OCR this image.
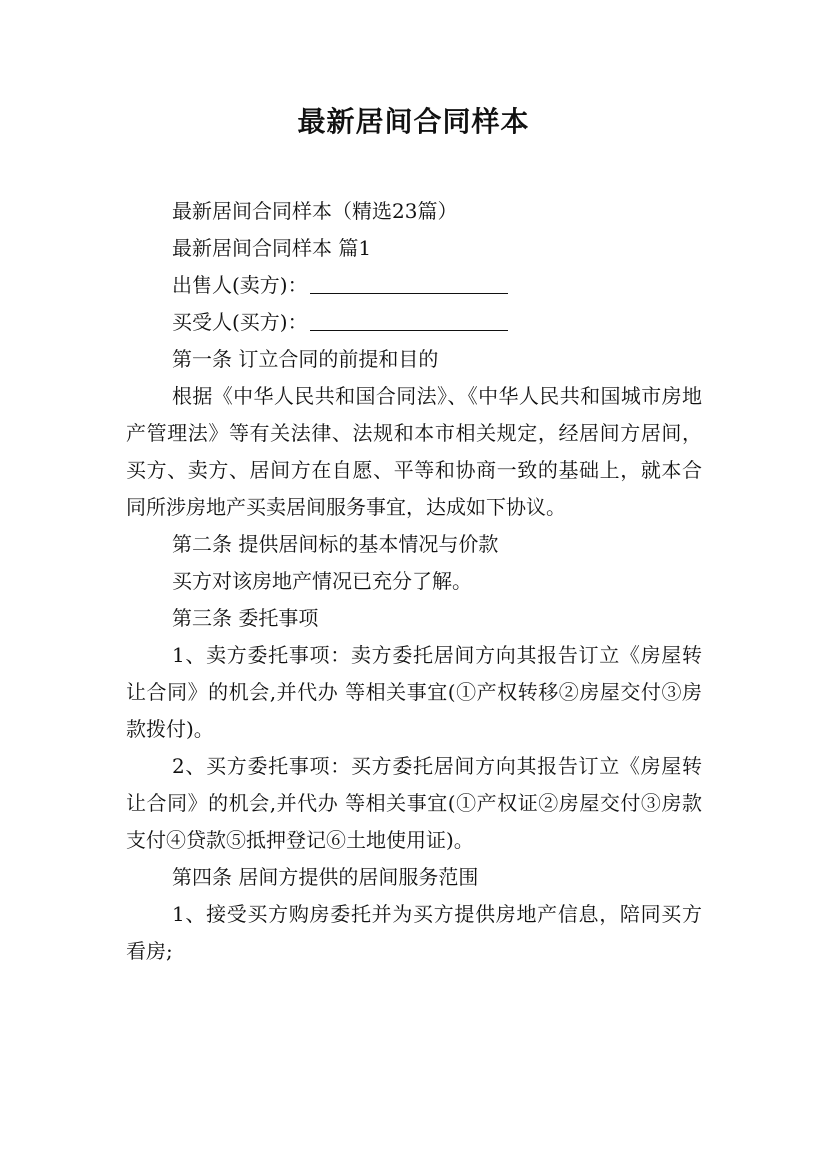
最新居间合同样本

最新居间合同样本（精选23篇）

最新居间合同样本 篇1

出售人(卖方)：

买受人(买方)：

第一条 订立合同的前提和目的

根据《中华人民共和国合同法》、《中华人民共和国城市房地产管理法》等有关法律、法规和本市相关规定，经居间方居间，买方、卖方、居间方在自愿、平等和协商一致的基础上，就本合同所涉房地产买卖居间服务事宜，达成如下协议。

第二条 提供居间标的基本情况与价款

买方对该房地产情况已充分了解。

第三条 委托事项

1、卖方委托事项：卖方委托居间方向其报告订立《房屋转让合同》的机会,并代办 等相关事宜(①产权转移②房屋交付③房款拨付)。

2、买方委托事项：买方委托居间方向其报告订立《房屋转让合同》的机会,并代办 等相关事宜(①产权证②房屋交付③房款支付④贷款⑤抵押登记⑥土地使用证)。

第四条 居间方提供的居间服务范围

1、接受买方购房委托并为买方提供房地产信息，陪同买方看房;
